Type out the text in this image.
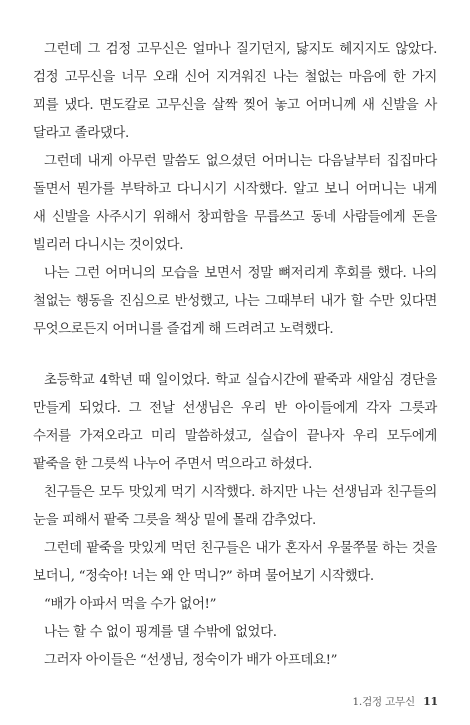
그런데 그 검정 고무신은 얼마나 질기던지, 닳지도 헤지지도 않았다. 검정 고무신을 너무 오래 신어 지겨워진 나는 철없는 마음에 한 가지 꾀를 냈다. 면도칼로 고무신을 살짝 찢어 놓고 어머니께 새 신발을 사 달라고 졸라댔다.

그런데 내게 아무런 말씀도 없으셨던 어머니는 다음날부터 집집마다 돌면서 뭔가를 부탁하고 다니시기 시작했다. 알고 보니 어머니는 내게 새 신발을 사주시기 위해서 창피함을 무릅쓰고 동네 사람들에게 돈을 빌리러 다니시는 것이었다.

나는 그런 어머니의 모습을 보면서 정말 뼈저리게 후회를 했다. 나의 철없는 행동을 진심으로 반성했고, 나는 그때부터 내가 할 수만 있다면 무엇으로든지 어머니를 즐겁게 해 드려려고 노력했다.

초등학교 4학년 때 일이었다. 학교 실습시간에 팥죽과 새알심 경단을 만들게 되었다. 그 전날 선생님은 우리 반 아이들에게 각자 그릇과 수저를 가져오라고 미리 말씀하셨고, 실습이 끝나자 우리 모두에게 팥죽을 한 그릇씩 나누어 주면서 먹으라고 하셨다.

친구들은 모두 맛있게 먹기 시작했다. 하지만 나는 선생님과 친구들의 눈을 피해서 팥죽 그릇을 책상 밑에 몰래 감추었다.

그런데 팥죽을 맛있게 먹던 친구들은 내가 혼자서 우물쭈물 하는 것을 보더니, “정숙아! 너는 왜 안 먹니?” 하며 물어보기 시작했다.

“배가 아파서 먹을 수가 없어!”

나는 할 수 없이 핑계를 댈 수밖에 없었다.

그러자 아이들은 “선생님, 정숙이가 배가 아프데요!”

1.검정 고무신 11
